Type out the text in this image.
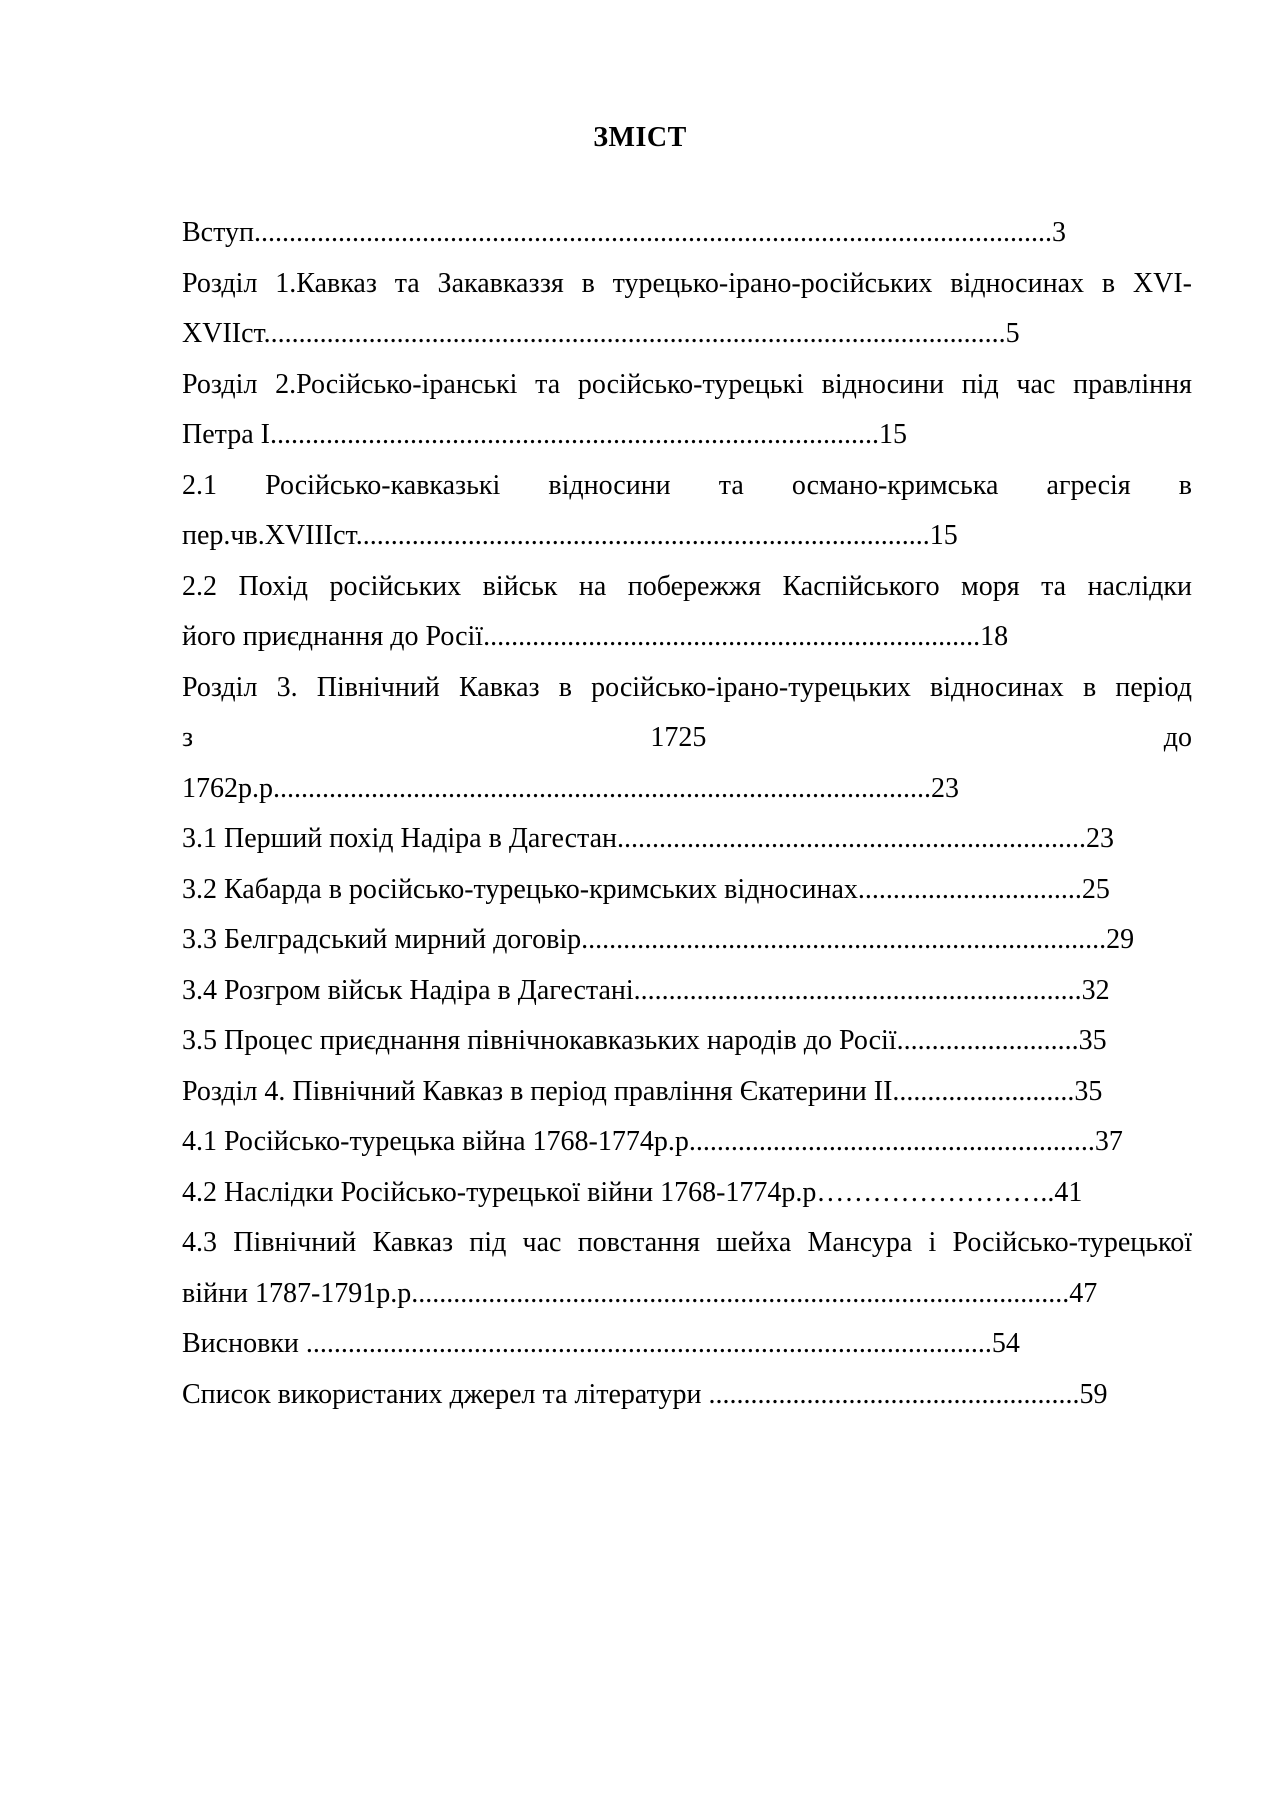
ЗМІСТ
Вступ..................................................................................................................3
Розділ 1.Кавказ та Закавказзя в турецько-ірано-російських відносинах в XVI-
XVIIст..........................................................................................................5
Розділ 2.Російсько-іранські та російсько-турецькі відносини під час правління
Петра І.......................................................................................15
2.1 Російсько-кавказькі відносини та османо-кримська агресія в
пер.чв.XVIIIст..................................................................................15
2.2 Похід російських військ на побережжя Каспійського моря та наслідки
його приєднання до Росії.......................................................................18
Розділ 3. Північний Кавказ в російсько-ірано-турецьких відносинах в період
з 1725 до
1762р.р..............................................................................................23
3.1 Перший похід Надіра в Дагестан...................................................................23
3.2 Кабарда в російсько-турецько-кримських відносинах................................25
3.3 Белградський мирний договір...........................................................................29
3.4 Розгром військ Надіра в Дагестані................................................................32
3.5 Процес приєднання північнокавказьких народів до Росії..........................35
Розділ 4. Північний Кавказ в період правління Єкатерини ІІ..........................35
4.1 Російсько-турецька війна 1768-1774р.р..........................................................37
4.2 Наслідки Російсько-турецької війни 1768-1774р.р……………………..41
4.3 Північний Кавказ під час повстання шейха Мансура і Російсько-турецької
війни 1787-1791р.р..............................................................................................47
Висновки ..................................................................................................54
Список використаних джерел та літератури .....................................................59
